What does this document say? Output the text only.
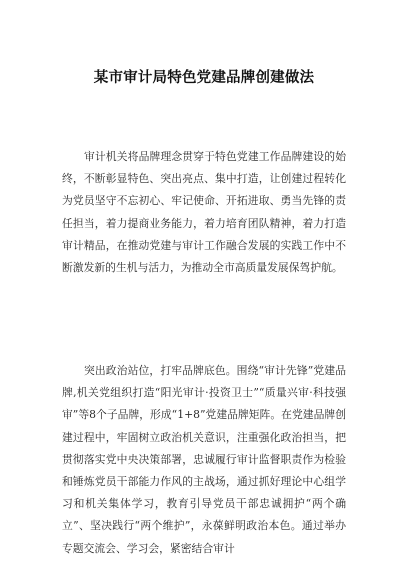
某市审计局特色党建品牌创建做法

审计机关将品牌理念贯穿于特色党建工作品牌建设的始终，不断彰显特色、突出亮点、集中打造，让创建过程转化为党员坚守不忘初心、牢记使命、开拓进取、勇当先锋的责任担当，着力提商业务能力，着力培育团队精神，着力打造审计精品，在推动党建与审计工作融合发展的实践工作中不断激发新的生机与活力，为推动全市高质量发展保驾护航。

突出政治站位，打牢品牌底色。围绕“审计先锋”党建品牌,机关党组织打造“阳光审计·投资卫士”“质量兴审·科技强审”等8个子品牌，形成“1+8”党建品牌矩阵。在党建品牌创建过程中，牢固树立政治机关意识，注重强化政治担当，把贯彻落实党中央决策部署，忠诚履行审计监督职责作为检验和锤炼党员干部能力作风的主战场，通过抓好理论中心组学习和机关集体学习，教育引导党员干部忠诚拥护“两个确立”、坚决践行“两个维护”，永葆鲜明政治本色。通过举办专题交流会、学习会，紧密结合审计
